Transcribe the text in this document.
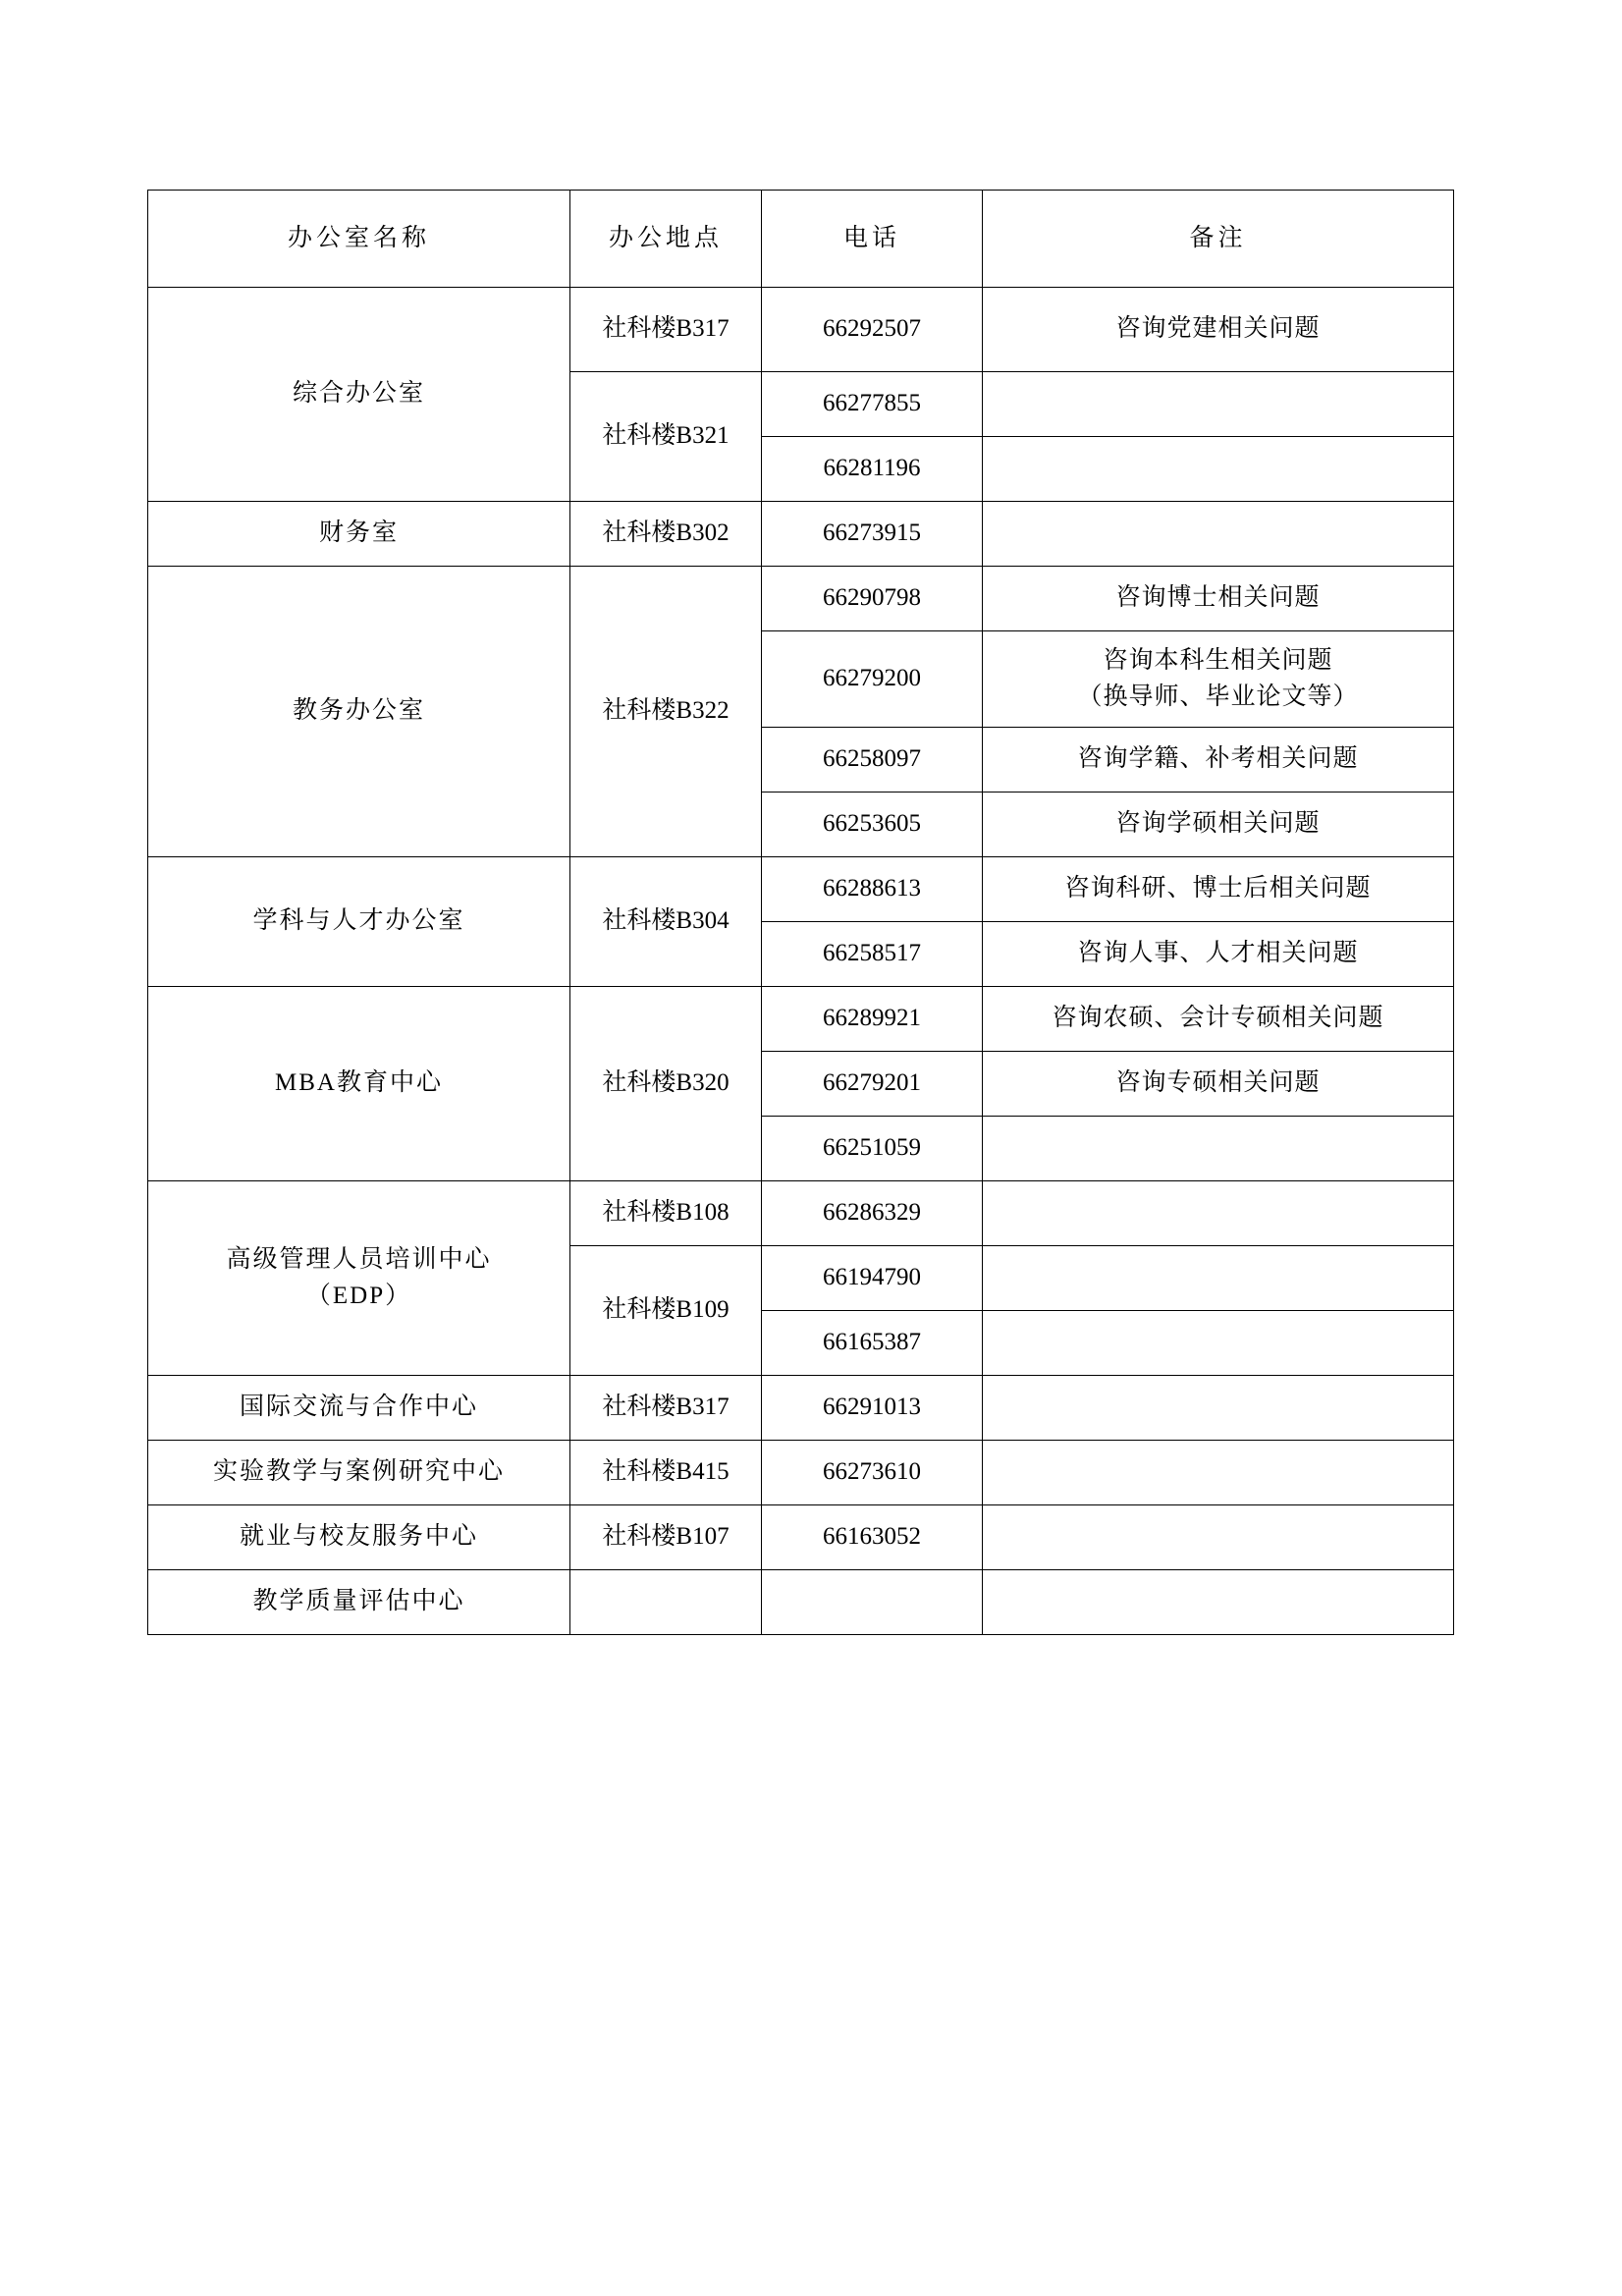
办公室名称	办公地点	电话	备注
综合办公室	社科楼B317	66292507	咨询党建相关问题
	社科楼B321	66277855	
		66281196	
财务室	社科楼B302	66273915	
教务办公室	社科楼B322	66290798	咨询博士相关问题
		66279200	咨询本科生相关问题
（换导师、毕业论文等）

		66258097	咨询学籍、补考相关问题
		66253605	咨询学硕相关问题
学科与人才办公室	社科楼B304	66288613	咨询科研、博士后相关问题
		66258517	咨询人事、人才相关问题
MBA教育中心	社科楼B320	66289921	咨询农硕、会计专硕相关问题
		66279201	咨询专硕相关问题
		66251059	

高级管理人员培训中心
（EDP）	社科楼B108	66286329	
	社科楼B109	66194790	
		66165387	
国际交流与合作中心	社科楼B317	66291013	
实验教学与案例研究中心	社科楼B415	66273610	
就业与校友服务中心	社科楼B107	66163052	
教学质量评估中心			
